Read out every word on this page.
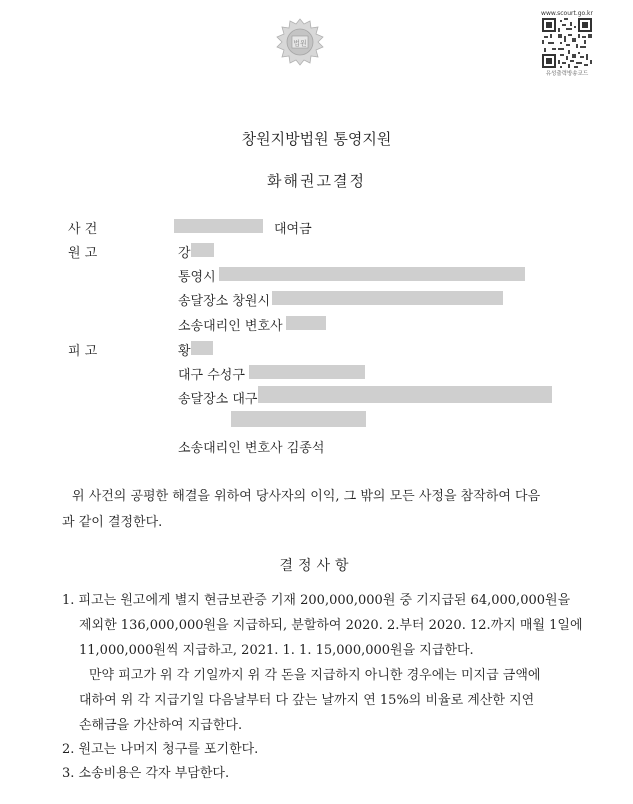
법원
www.scourt.go.kr
유성출력방송코드
창원지방법원 통영지원
화해권고결정
사 건	대여금
원 고	강
통영시
송달장소 창원시
소송대리인 변호사
피 고	황
대구 수성구
송달장소 대구
소송대리인 변호사 김종석
위 사건의 공평한 해결을 위하여 당사자의 이익, 그 밖의 모든 사정을 참작하여 다음
과 같이 결정한다.
결정사항
1. 피고는 원고에게 별지 현금보관증 기재 200,000,000원 중 기지급된 64,000,000원을
제외한 136,000,000원을 지급하되, 분할하여 2020. 2.부터 2020. 12.까지 매월 1일에
11,000,000원씩 지급하고, 2021. 1. 1. 15,000,000원을 지급한다.
만약 피고가 위 각 기일까지 위 각 돈을 지급하지 아니한 경우에는 미지급 금액에
대하여 위 각 지급기일 다음날부터 다 갚는 날까지 연 15%의 비율로 계산한 지연
손해금을 가산하여 지급한다.
2. 원고는 나머지 청구를 포기한다.
3. 소송비용은 각자 부담한다.
